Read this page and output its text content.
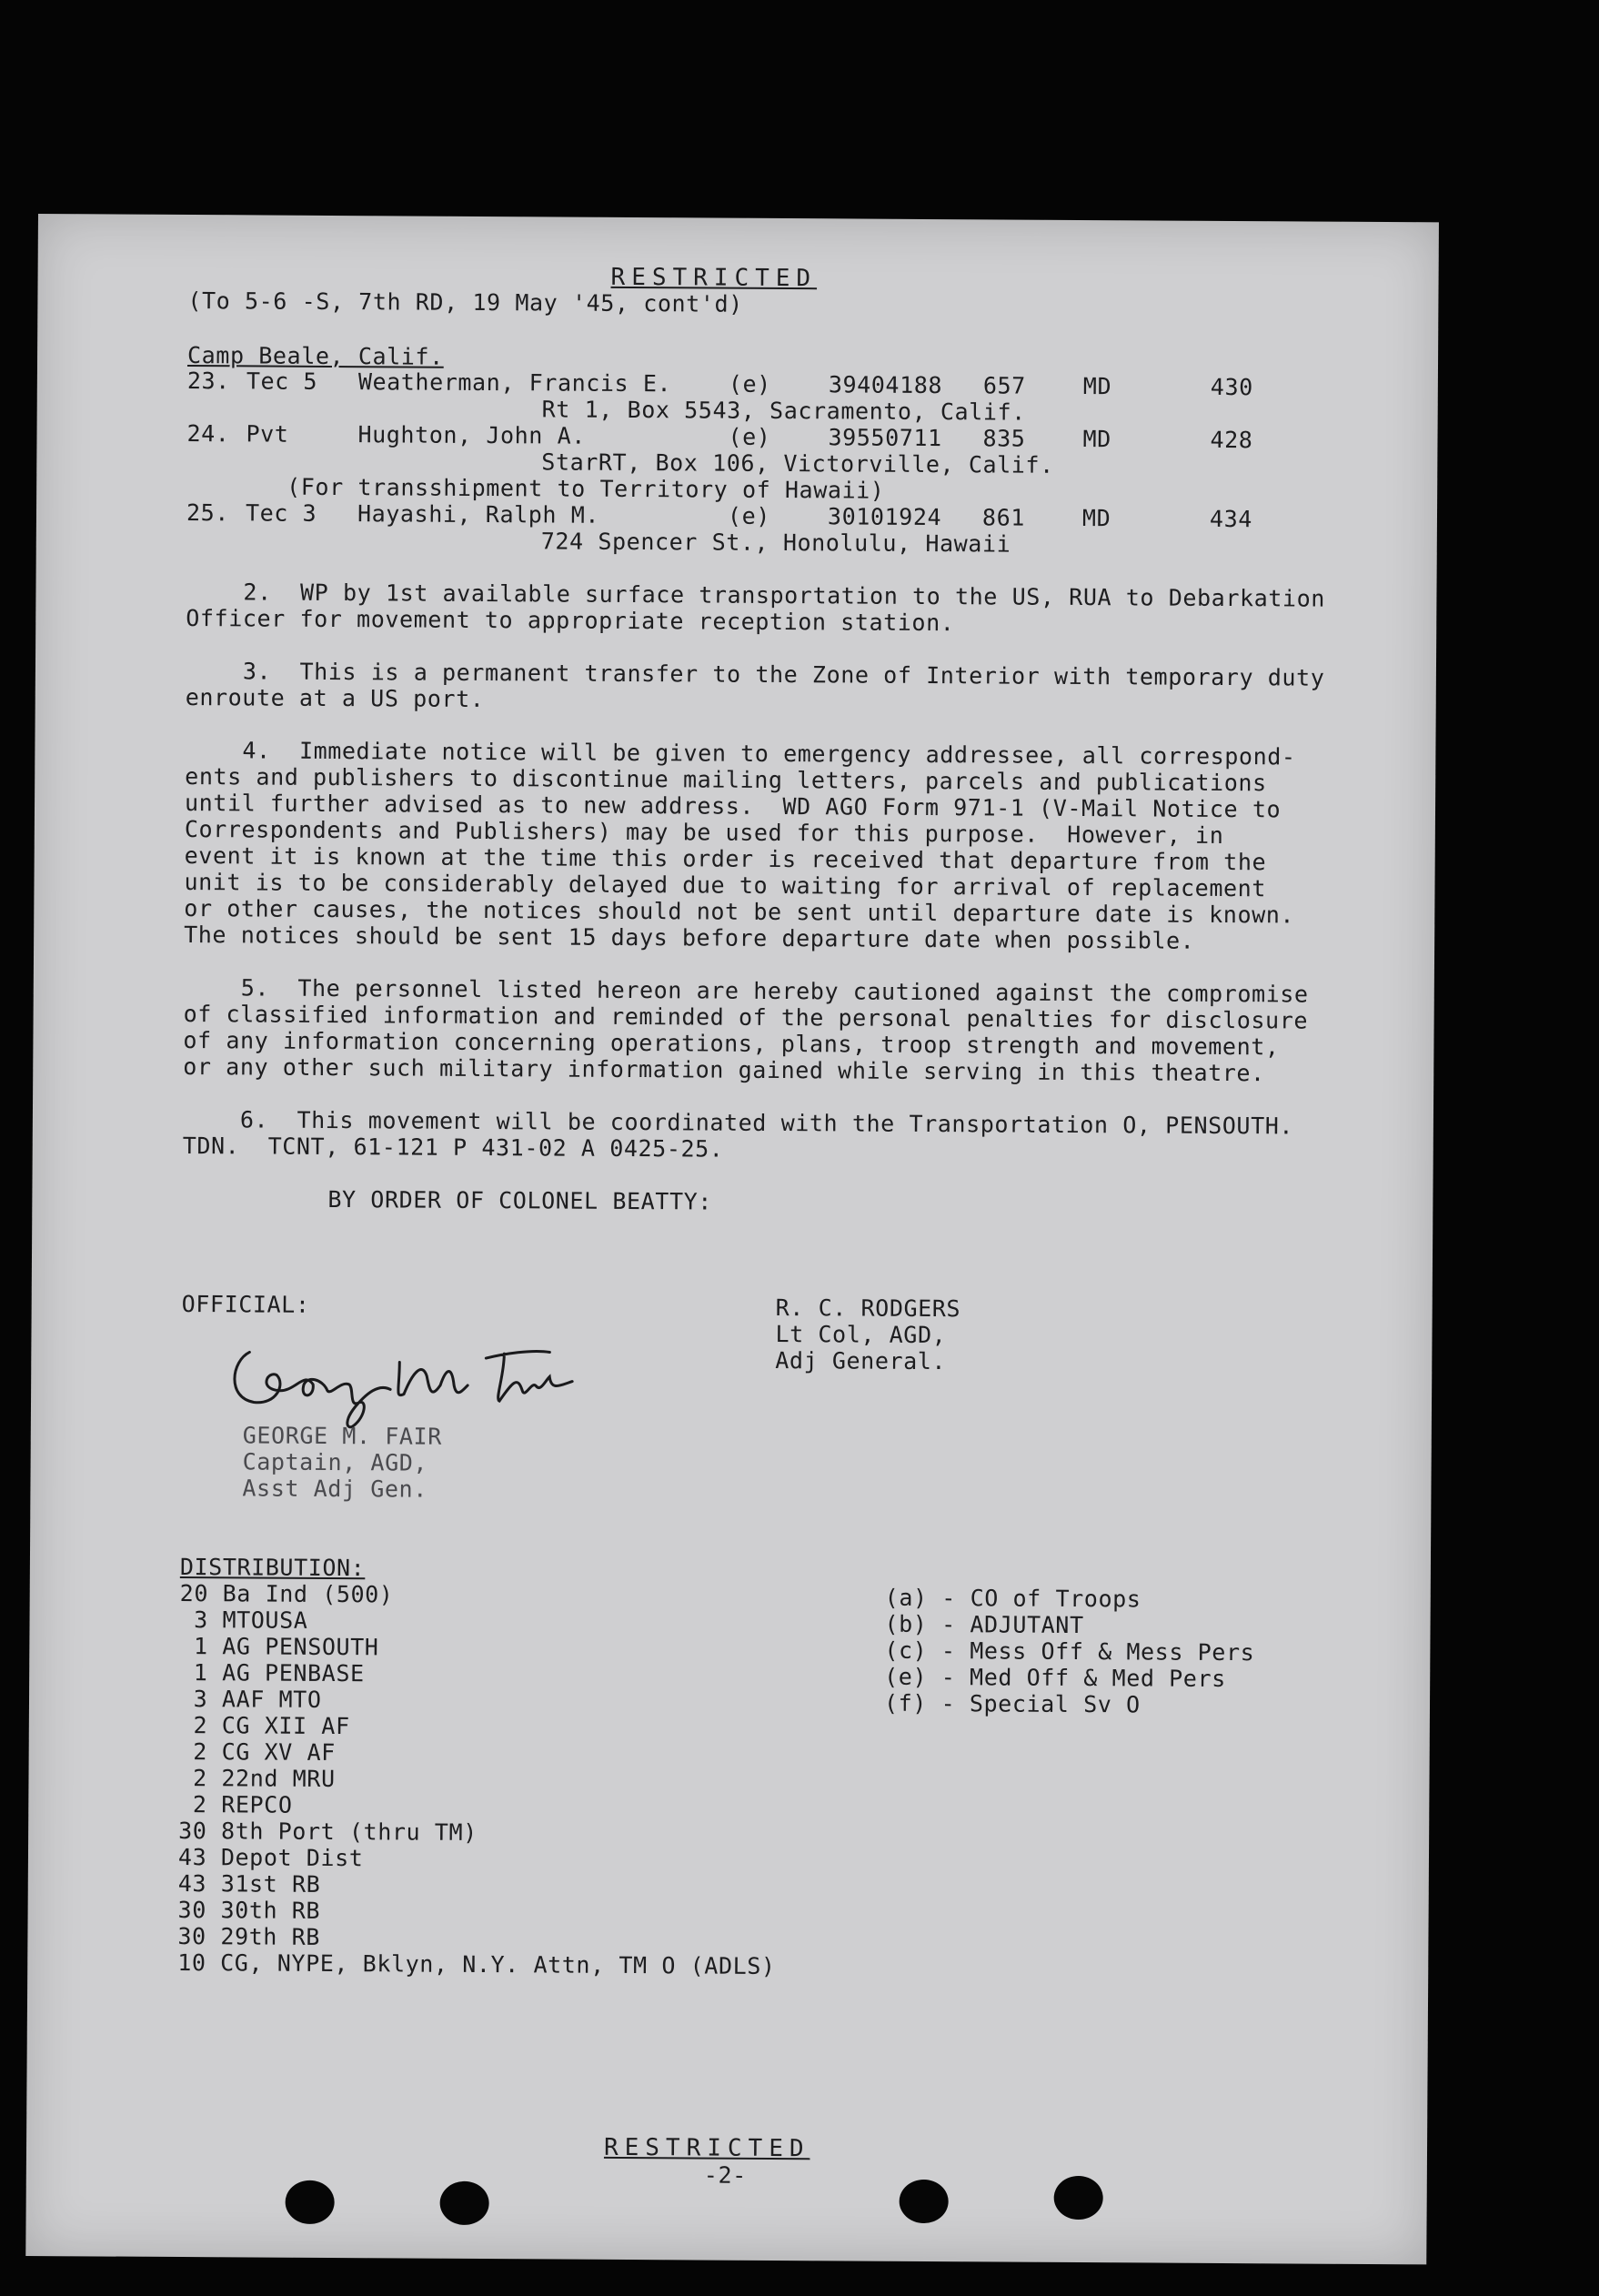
RESTRICTED
(To 5-6 -S, 7th RD, 19 May '45, cont'd)
Camp Beale, Calif.
23. Tec 5 Weatherman, Francis E. (e)	39404188 657	MD	430
Rt 1, Box 5543, Sacramento, Calif.
24. Pvt	Hughton, John A.	(e)	39550711 835	MD	428
StarRT, Box 106, Victorville, Calif.
(For transshipment to Territory of Hawaii)
25. Tec 3 Hayashi, Ralph M.	(e)	30101924 861	MD	434
724 Spencer St., Honolulu, Hawaii
2.  WP by 1st available surface transportation to the US, RUA to Debarkation
Officer for movement to appropriate reception station.
3.  This is a permanent transfer to the Zone of Interior with temporary duty
enroute at a US port.
4.  Immediate notice will be given to emergency addressee, all correspond-
ents and publishers to discontinue mailing letters, parcels and publications
until further advised as to new address.  WD AGO Form 971-1 (V-Mail Notice to
Correspondents and Publishers) may be used for this purpose.  However, in
event it is known at the time this order is received that departure from the
unit is to be considerably delayed due to waiting for arrival of replacement
or other causes, the notices should not be sent until departure date is known.
The notices should be sent 15 days before departure date when possible.
5.  The personnel listed hereon are hereby cautioned against the compromise
of classified information and reminded of the personal penalties for disclosure
of any information concerning operations, plans, troop strength and movement,
or any other such military information gained while serving in this theatre.
6.  This movement will be coordinated with the Transportation O, PENSOUTH.
TDN.  TCNT, 61-121 P 431-02 A 0425-25.
BY ORDER OF COLONEL BEATTY:
OFFICIAL:	R. C. RODGERS
Lt Col, AGD,
Adj General.
GEORGE M. FAIR
Captain, AGD,
Asst Adj Gen.
DISTRIBUTION:
20 Ba Ind (500)
3 MTOUSA
1 AG PENSOUTH
1 AG PENBASE
3 AAF MTO
2 CG XII AF
2 CG XV AF
2 22nd MRU
2 REPCO
30 8th Port (thru TM)
43 Depot Dist
43 31st RB
30 30th RB
30 29th RB
10 CG, NYPE, Bklyn, N.Y. Attn, TM O (ADLS)
(a) - CO of Troops
(b) - ADJUTANT
(c) - Mess Off & Mess Pers
(e) - Med Off & Med Pers
(f) - Special Sv O
RESTRICTED
-2-
